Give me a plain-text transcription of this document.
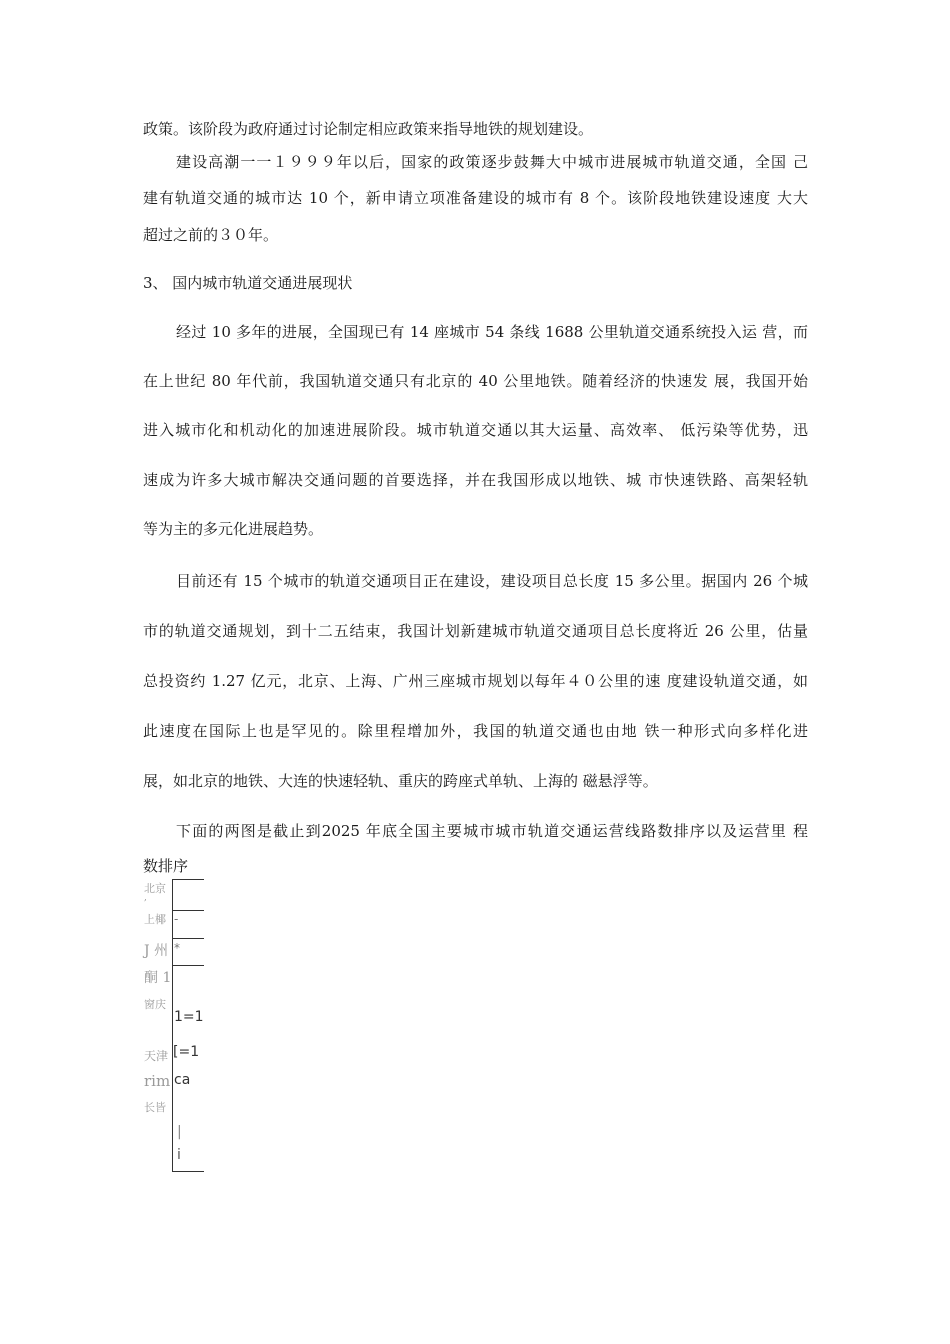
政策。该阶段为政府通过讨论制定相应政策来指导地铁的规划建设。
建设高潮一一１９９９年以后，国家的政策逐步鼓舞大中城市进展城市轨道交通，全国 己
建有轨道交通的城市达 10 个，新申请立项准备建设的城市有 8 个。该阶段地铁建设速度 大大
超过之前的３０年。
3、 国内城市轨道交通进展现状
经过 10 多年的进展，全国现已有 14 座城市 54 条线 1688 公里轨道交通系统投入运 营，而
在上世纪 80 年代前，我国轨道交通只有北京的 40 公里地铁。随着经济的快速发 展，我国开始
进入城市化和机动化的加速进展阶段。城市轨道交通以其大运量、高效率、 低污染等优势，迅
速成为许多大城市解决交通问题的首要选择，并在我国形成以地铁、城 市快速铁路、高架轻轨
等为主的多元化进展趋势。
目前还有 15 个城市的轨道交通项目正在建设，建设项目总长度 15 多公里。据国内 26 个城
市的轨道交通规划，到十二五结束，我国计划新建城市轨道交通项目总长度将近 26 公里，估量
总投资约 1.27 亿元，北京、上海、广州三座城市规划以每年４０公里的速 度建设轨道交通，如
此速度在国际上也是罕见的。除里程增加外，我国的轨道交通也由地 铁一种形式向多样化进
展，如北京的地铁、大连的快速轻轨、重庆的跨座式单轨、上海的 磁悬浮等。
下面的两图是截止到2025 年底全国主要城市城市轨道交通运营线路数排序以及运营里 程
数排序
北京
,
上椰
J 州
酮 1
窗庆
天津
rim
长皆
-
*
1=1
[=1
ca
|
i
